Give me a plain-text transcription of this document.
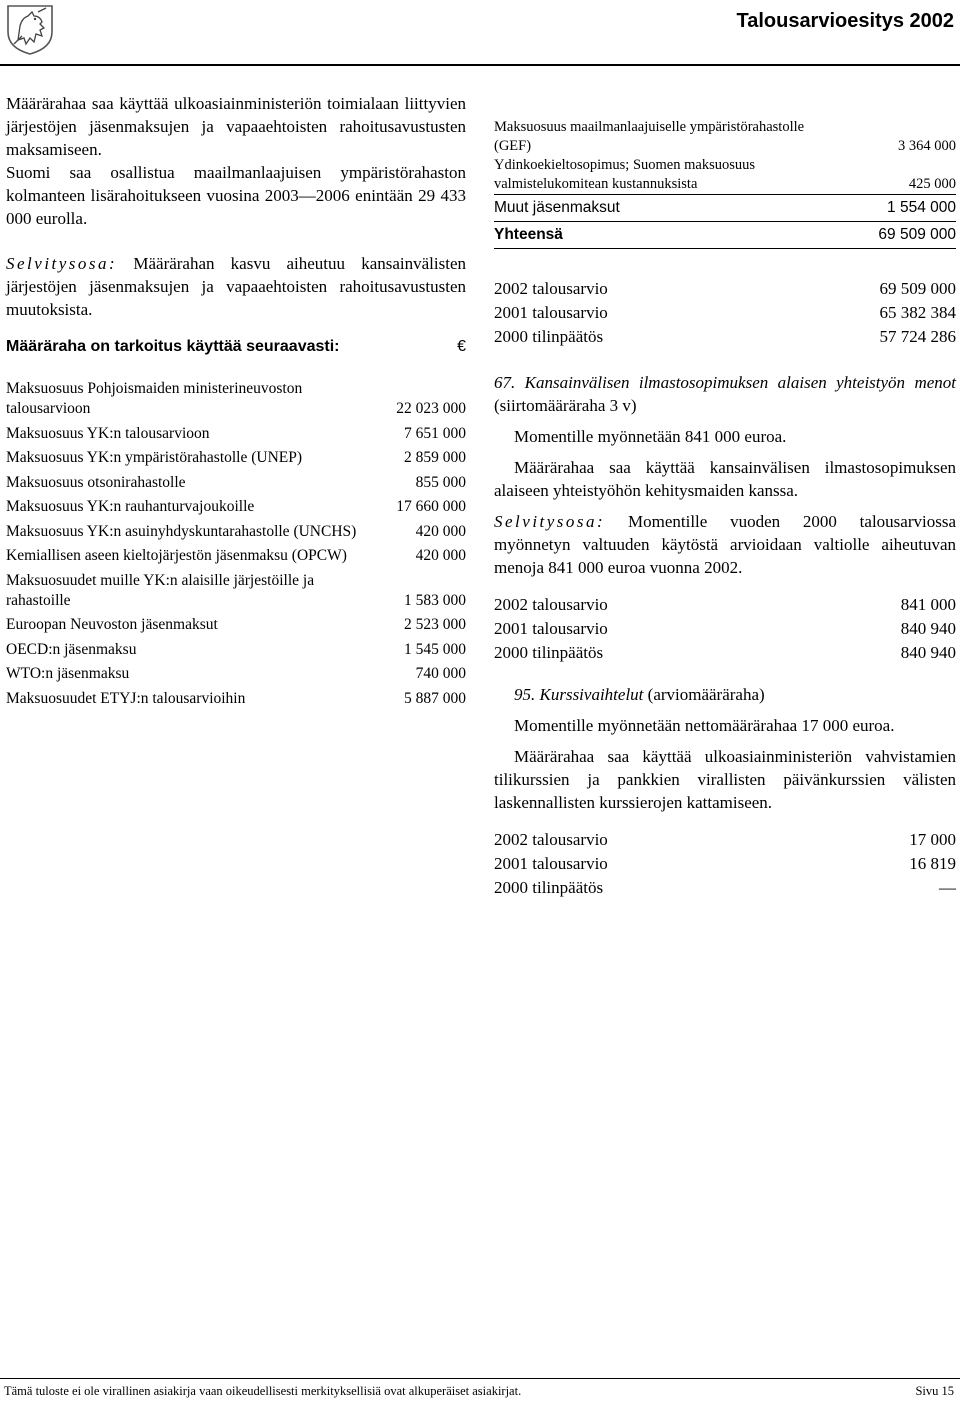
Talousarvioesitys 2002

Määrärahaa saa käyttää ulkoasiainministeriön toimialaan liittyvien järjestöjen jäsenmaksujen ja vapaaehtoisten rahoitusavustusten maksamiseen.

Suomi saa osallistua maailmanlaajuisen ympäristörahaston kolmanteen lisärahoitukseen vuosina 2003—2006 enintään 29 433 000 eurolla.

Selvitysosa: Määrärahan kasvu aiheutuu kansainvälisten järjestöjen jäsenmaksujen ja vapaaehtoisten rahoitusavustusten muutoksista.

Määräraha on tarkoitus käyttää seuraavasti:	€
Maksuosuus Pohjoismaiden ministerineuvoston talousarvioon	22 023 000
Maksuosuus YK:n talousarvioon	7 651 000
Maksuosuus YK:n ympäristörahastolle (UNEP)	2 859 000
Maksuosuus otsonirahastolle	855 000
Maksuosuus YK:n rauhanturvajoukoille	17 660 000
Maksuosuus YK:n asuinyhdyskuntarahastolle (UNCHS)	420 000
Kemiallisen aseen kieltojärjestön jäsenmaksu (OPCW)	420 000
Maksuosuudet muille YK:n alaisille järjestöille ja rahastoille	1 583 000
Euroopan Neuvoston jäsenmaksut	2 523 000
OECD:n jäsenmaksu	1 545 000
WTO:n jäsenmaksu	740 000
Maksuosuudet ETYJ:n talousarvioihin	5 887 000
Maksuosuus maailmanlaajuiselle ympäristörahastolle (GEF)	3 364 000
Ydinkoekieltosopimus; Suomen maksuosuus valmistelukomitean kustannuksista	425 000
Muut jäsenmaksut	1 554 000
Yhteensä	69 509 000
2002 talousarvio	69 509 000
2001 talousarvio	65 382 384
2000 tilinpäätös	57 724 286

67. Kansainvälisen ilmastosopimuksen alaisen yhteistyön menot (siirtomääräraha 3 v)

Momentille myönnetään 841 000 euroa.

Määrärahaa saa käyttää kansainvälisen ilmastosopimuksen alaiseen yhteistyöhön kehitysmaiden kanssa.

Selvitysosa: Momentille vuoden 2000 talousarviossa myönnetyn valtuuden käytöstä arvioidaan valtiolle aiheutuvan menoja 841 000 euroa vuonna 2002.

2002 talousarvio	841 000
2001 talousarvio	840 940
2000 tilinpäätös	840 940

95. Kurssivaihtelut (arviomääräraha)

Momentille myönnetään nettomäärärahaa 17 000 euroa.

Määrärahaa saa käyttää ulkoasiainministeriön vahvistamien tilikurssien ja pankkien virallisten päivänkurssien välisten laskennallisten kurssierojen kattamiseen.

2002 talousarvio	17 000
2001 talousarvio	16 819
2000 tilinpäätös	—
Tämä tuloste ei ole virallinen asiakirja vaan oikeudellisesti merkityksellisiä ovat alkuperäiset asiakirjat.	Sivu 15
